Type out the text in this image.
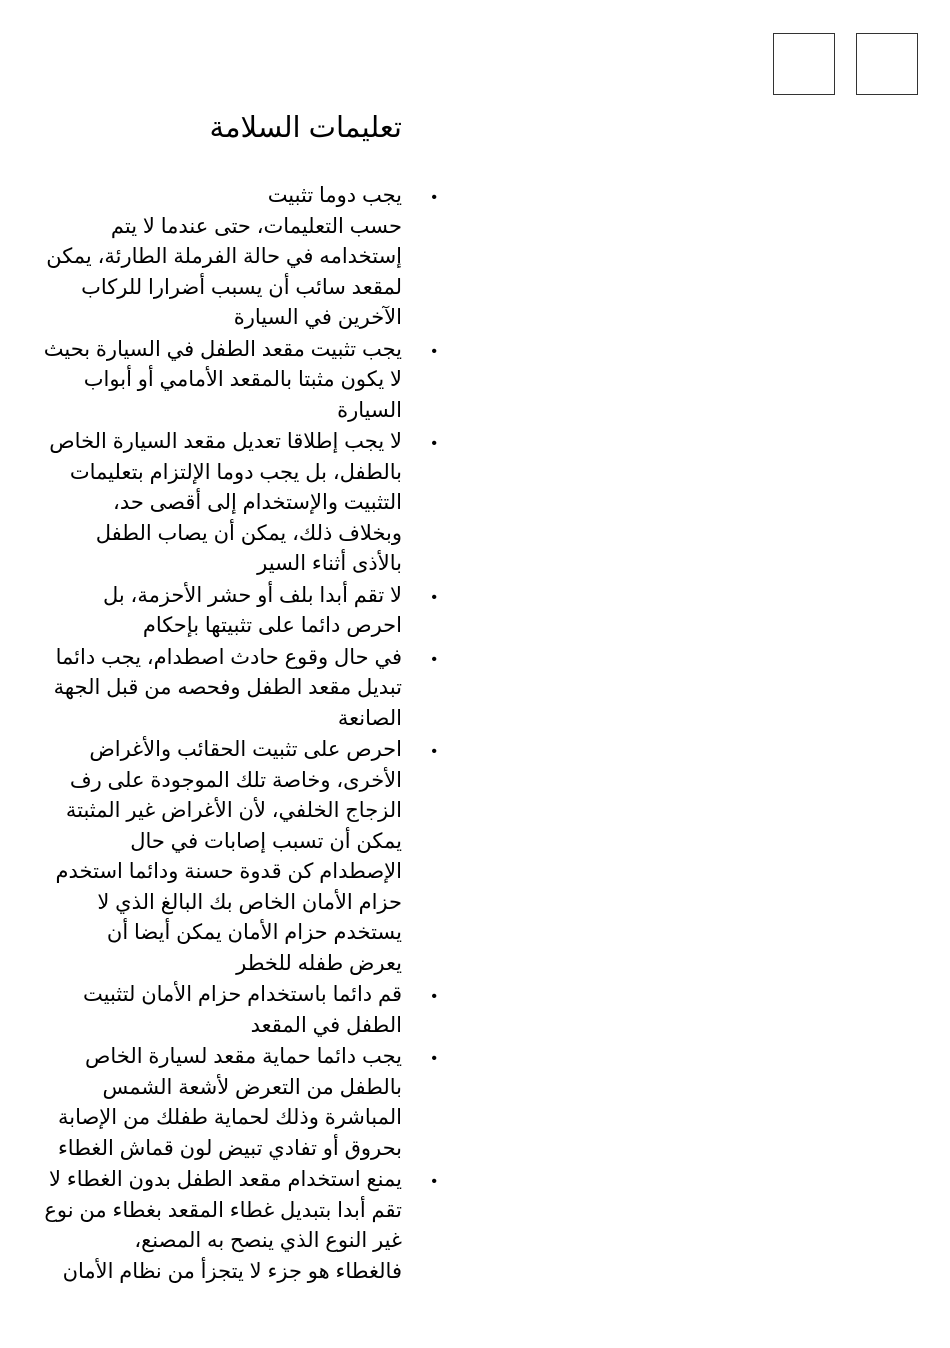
تعليمات السلامة
•
يجب دوما تثبيت
حسب التعليمات، حتى عندما لا يتم
إستخدامه في حالة الفرملة الطارئة، يمكن
لمقعد سائب أن يسبب أضرارا للركاب
الآخرين في السيارة
•
يجب تثبيت مقعد الطفل في السيارة بحيث
لا يكون مثبتا بالمقعد الأمامي أو أبواب
السيارة
•
لا يجب إطلاقا تعديل مقعد السيارة الخاص
بالطفل، بل يجب دوما الإلتزام بتعليمات
التثبيت والإستخدام إلى أقصى حد،
وبخلاف ذلك، يمكن أن يصاب الطفل
بالأذى أثناء السير
•
لا تقم أبدا بلف أو حشر الأحزمة، بل
احرص دائما على تثبيتها بإحكام
•
في حال وقوع حادث اصطدام، يجب دائما
تبديل مقعد الطفل وفحصه من قبل الجهة
الصانعة
•
احرص على تثبيت الحقائب والأغراض
الأخرى، وخاصة تلك الموجودة على رف
الزجاج الخلفي، لأن الأغراض غير المثبتة
يمكن أن تسبب إصابات في حال
الإصطدام كن قدوة حسنة ودائما استخدم
حزام الأمان الخاص بك البالغ الذي لا
يستخدم حزام الأمان يمكن أيضا أن
يعرض طفله للخطر
•
قم دائما باستخدام حزام الأمان لتثبيت
الطفل في المقعد
•
يجب دائما حماية مقعد لسيارة الخاص
بالطفل من التعرض لأشعة الشمس
المباشرة وذلك لحماية طفلك من الإصابة
بحروق أو تفادي تبيض لون قماش الغطاء
•
يمنع استخدام مقعد الطفل بدون الغطاء لا
تقم أبدا بتبديل غطاء المقعد بغطاء من نوع
غير النوع الذي ينصح به المصنع،
فالغطاء هو جزء لا يتجزأ من نظام الأمان
